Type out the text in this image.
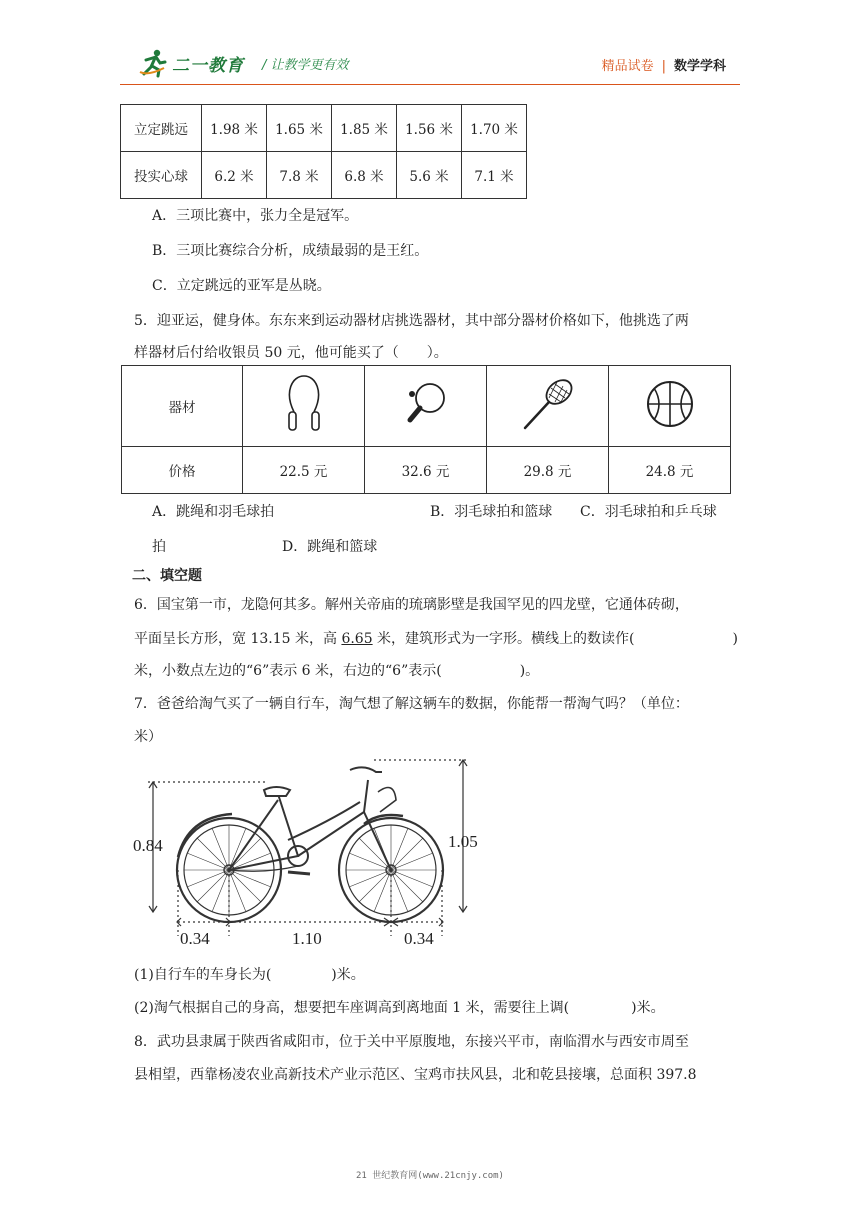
二一教育 / 让教学更有效	精品试卷 | 数学学科
立定跳远	1.98 米	1.65 米	1.85 米	1.56 米	1.70 米
投实心球	6.2 米	7.8 米	6.8 米	5.6 米	7.1 米
A．三项比赛中，张力全是冠军。
B．三项比赛综合分析，成绩最弱的是王红。
C．立定跳远的亚军是丛晓。
5．迎亚运，健身体。东东来到运动器材店挑选器材，其中部分器材价格如下，他挑选了两
样器材后付给收银员 50 元，他可能买了（　　）。
器材				
价格	22.5 元	32.6 元	29.8 元	24.8 元
A．跳绳和羽毛球拍	B．羽毛球拍和篮球 C．羽毛球拍和乒乓球
拍	D．跳绳和篮球
二、填空题
6．国宝第一市，龙隐何其多。解州关帝庙的琉璃影壁是我国罕见的四龙壁，它通体砖砌，
平面呈长方形，宽 13.15 米，高 6.65 米，建筑形式为一字形。横线上的数读作(	)
米，小数点左边的“6”表示 6 米，右边的“6”表示(	)。
7．爸爸给淘气买了一辆自行车，淘气想了解这辆车的数据，你能帮一帮淘气吗？（单位：
米）
0.84	1.05
0.34	1.10	0.34
(1)自行车的车身长为(	)米。
(2)淘气根据自己的身高，想要把车座调高到离地面 1 米，需要往上调(	)米。
8．武功县隶属于陕西省咸阳市，位于关中平原腹地，东接兴平市，南临渭水与西安市周至
县相望，西靠杨凌农业高新技术产业示范区、宝鸡市扶风县，北和乾县接壤，总面积 397.8
21 世纪教育网(www.21cnjy.com)
